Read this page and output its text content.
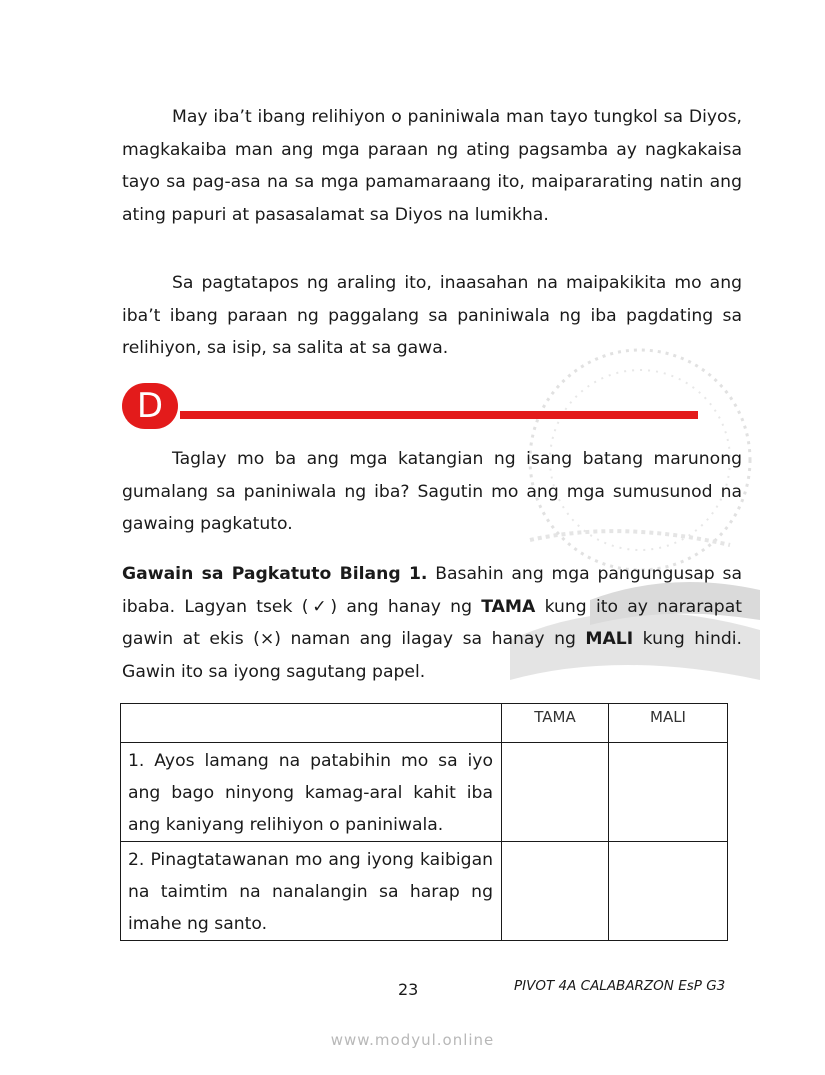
May iba’t ibang relihiyon o paniniwala man tayo tungkol sa Diyos, magkakaiba man ang mga paraan ng ating pagsamba ay nagkakaisa tayo sa pag-asa na sa mga pamamaraang ito, maipararating natin ang ating papuri at pasasalamat sa Diyos na lumikha.

Sa pagtatapos ng araling ito, inaasahan na maipakikita mo ang iba’t ibang paraan ng paggalang sa paniniwala ng iba pagdating sa relihiyon, sa isip, sa salita at sa gawa.

D

Taglay mo ba ang mga katangian ng isang batang marunong gumalang sa paniniwala ng iba? Sagutin mo ang mga sumusunod na gawaing pagkatuto.

Gawain sa Pagkatuto Bilang 1. Basahin ang mga pangungusap sa ibaba. Lagyan tsek (✓) ang hanay ng TAMA kung ito ay nararapat gawin at ekis (×) naman ang ilagay sa hanay ng MALI kung hindi. Gawin ito sa iyong sagutang papel.

	TAMA	MALI
1. Ayos lamang na patabihin mo sa iyo ang bago ninyong kamag-aral kahit iba ang kaniyang relihiyon o paniniwala.		
2. Pinagtatawanan mo ang iyong kaibigan na taimtim na nanalangin sa harap ng imahe ng santo.		
23	PIVOT 4A CALABARZON EsP G3
www.modyul.online
